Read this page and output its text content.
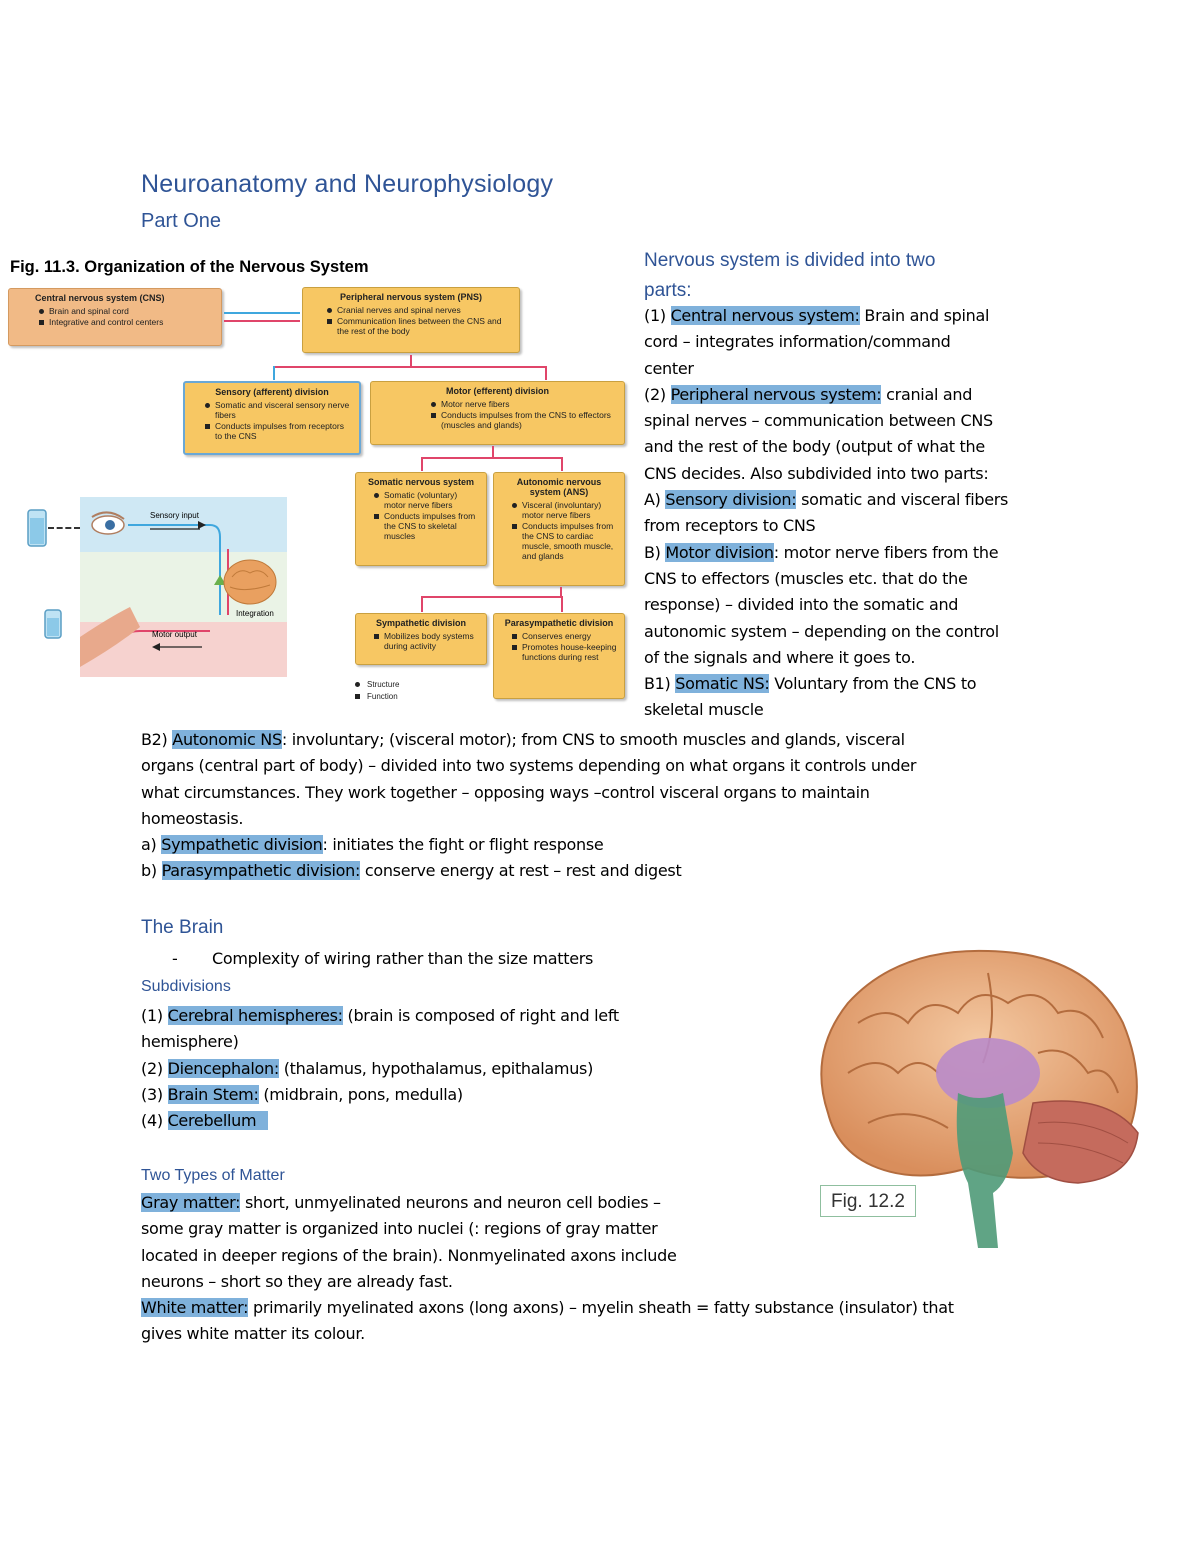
Neuroanatomy and Neurophysiology
Part One
Fig. 11.3. Organization of the Nervous System
Central nervous system (CNS)
Brain and spinal cord
Integrative and control centers
Peripheral nervous system (PNS)
Cranial nerves and spinal nerves
Communication lines between the CNS and the rest of the body
Sensory (afferent) division
Somatic and visceral sensory nerve fibers
Conducts impulses from receptors to the CNS
Motor (efferent) division
Motor nerve fibers
Conducts impulses from the CNS to effectors (muscles and glands)
Somatic nervous system
Somatic (voluntary) motor nerve fibers
Conducts impulses from the CNS to skeletal muscles
Autonomic nervous system (ANS)
Visceral (involuntary) motor nerve fibers
Conducts impulses from the CNS to cardiac muscle, smooth muscle, and glands
Sympathetic division
Mobilizes body systems during activity
Parasympathetic division
Conserves energy
Promotes house-keeping functions during rest
Structure
Function
Sensory input
Integration
Motor output
Nervous system is divided into two
parts:
(1) Central nervous system: Brain and spinal
cord – integrates information/command
center
(2) Peripheral nervous system: cranial and
spinal nerves – communication between CNS
and the rest of the body (output of what the
CNS decides. Also subdivided into two parts:
A) Sensory division: somatic and visceral fibers
from receptors to CNS
B) Motor division: motor nerve fibers from the
CNS to effectors (muscles etc. that do the
response) – divided into the somatic and
autonomic system – depending on the control
of the signals and where it goes to.
B1) Somatic NS: Voluntary from the CNS to
skeletal muscle
B2) Autonomic NS: involuntary; (visceral motor); from CNS to smooth muscles and glands, visceral
organs (central part of body) – divided into two systems depending on what organs it controls under
what circumstances. They work together – opposing ways –control visceral organs to maintain
homeostasis.
a) Sympathetic division: initiates the fight or flight response
b) Parasympathetic division: conserve energy at rest – rest and digest
The Brain
- Complexity of wiring rather than the size matters
Subdivisions
(1) Cerebral hemispheres: (brain is composed of right and left
hemisphere)
(2) Diencephalon: (thalamus, hypothalamus, epithalamus)
(3) Brain Stem: (midbrain, pons, medulla)
(4) Cerebellum
Fig. 12.2
Two Types of Matter
Gray matter: short, unmyelinated neurons and neuron cell bodies –
some gray matter is organized into nuclei (: regions of gray matter
located in deeper regions of the brain). Nonmyelinated axons include
neurons – short so they are already fast.
White matter: primarily myelinated axons (long axons) – myelin sheath = fatty substance (insulator) that
gives white matter its colour.
